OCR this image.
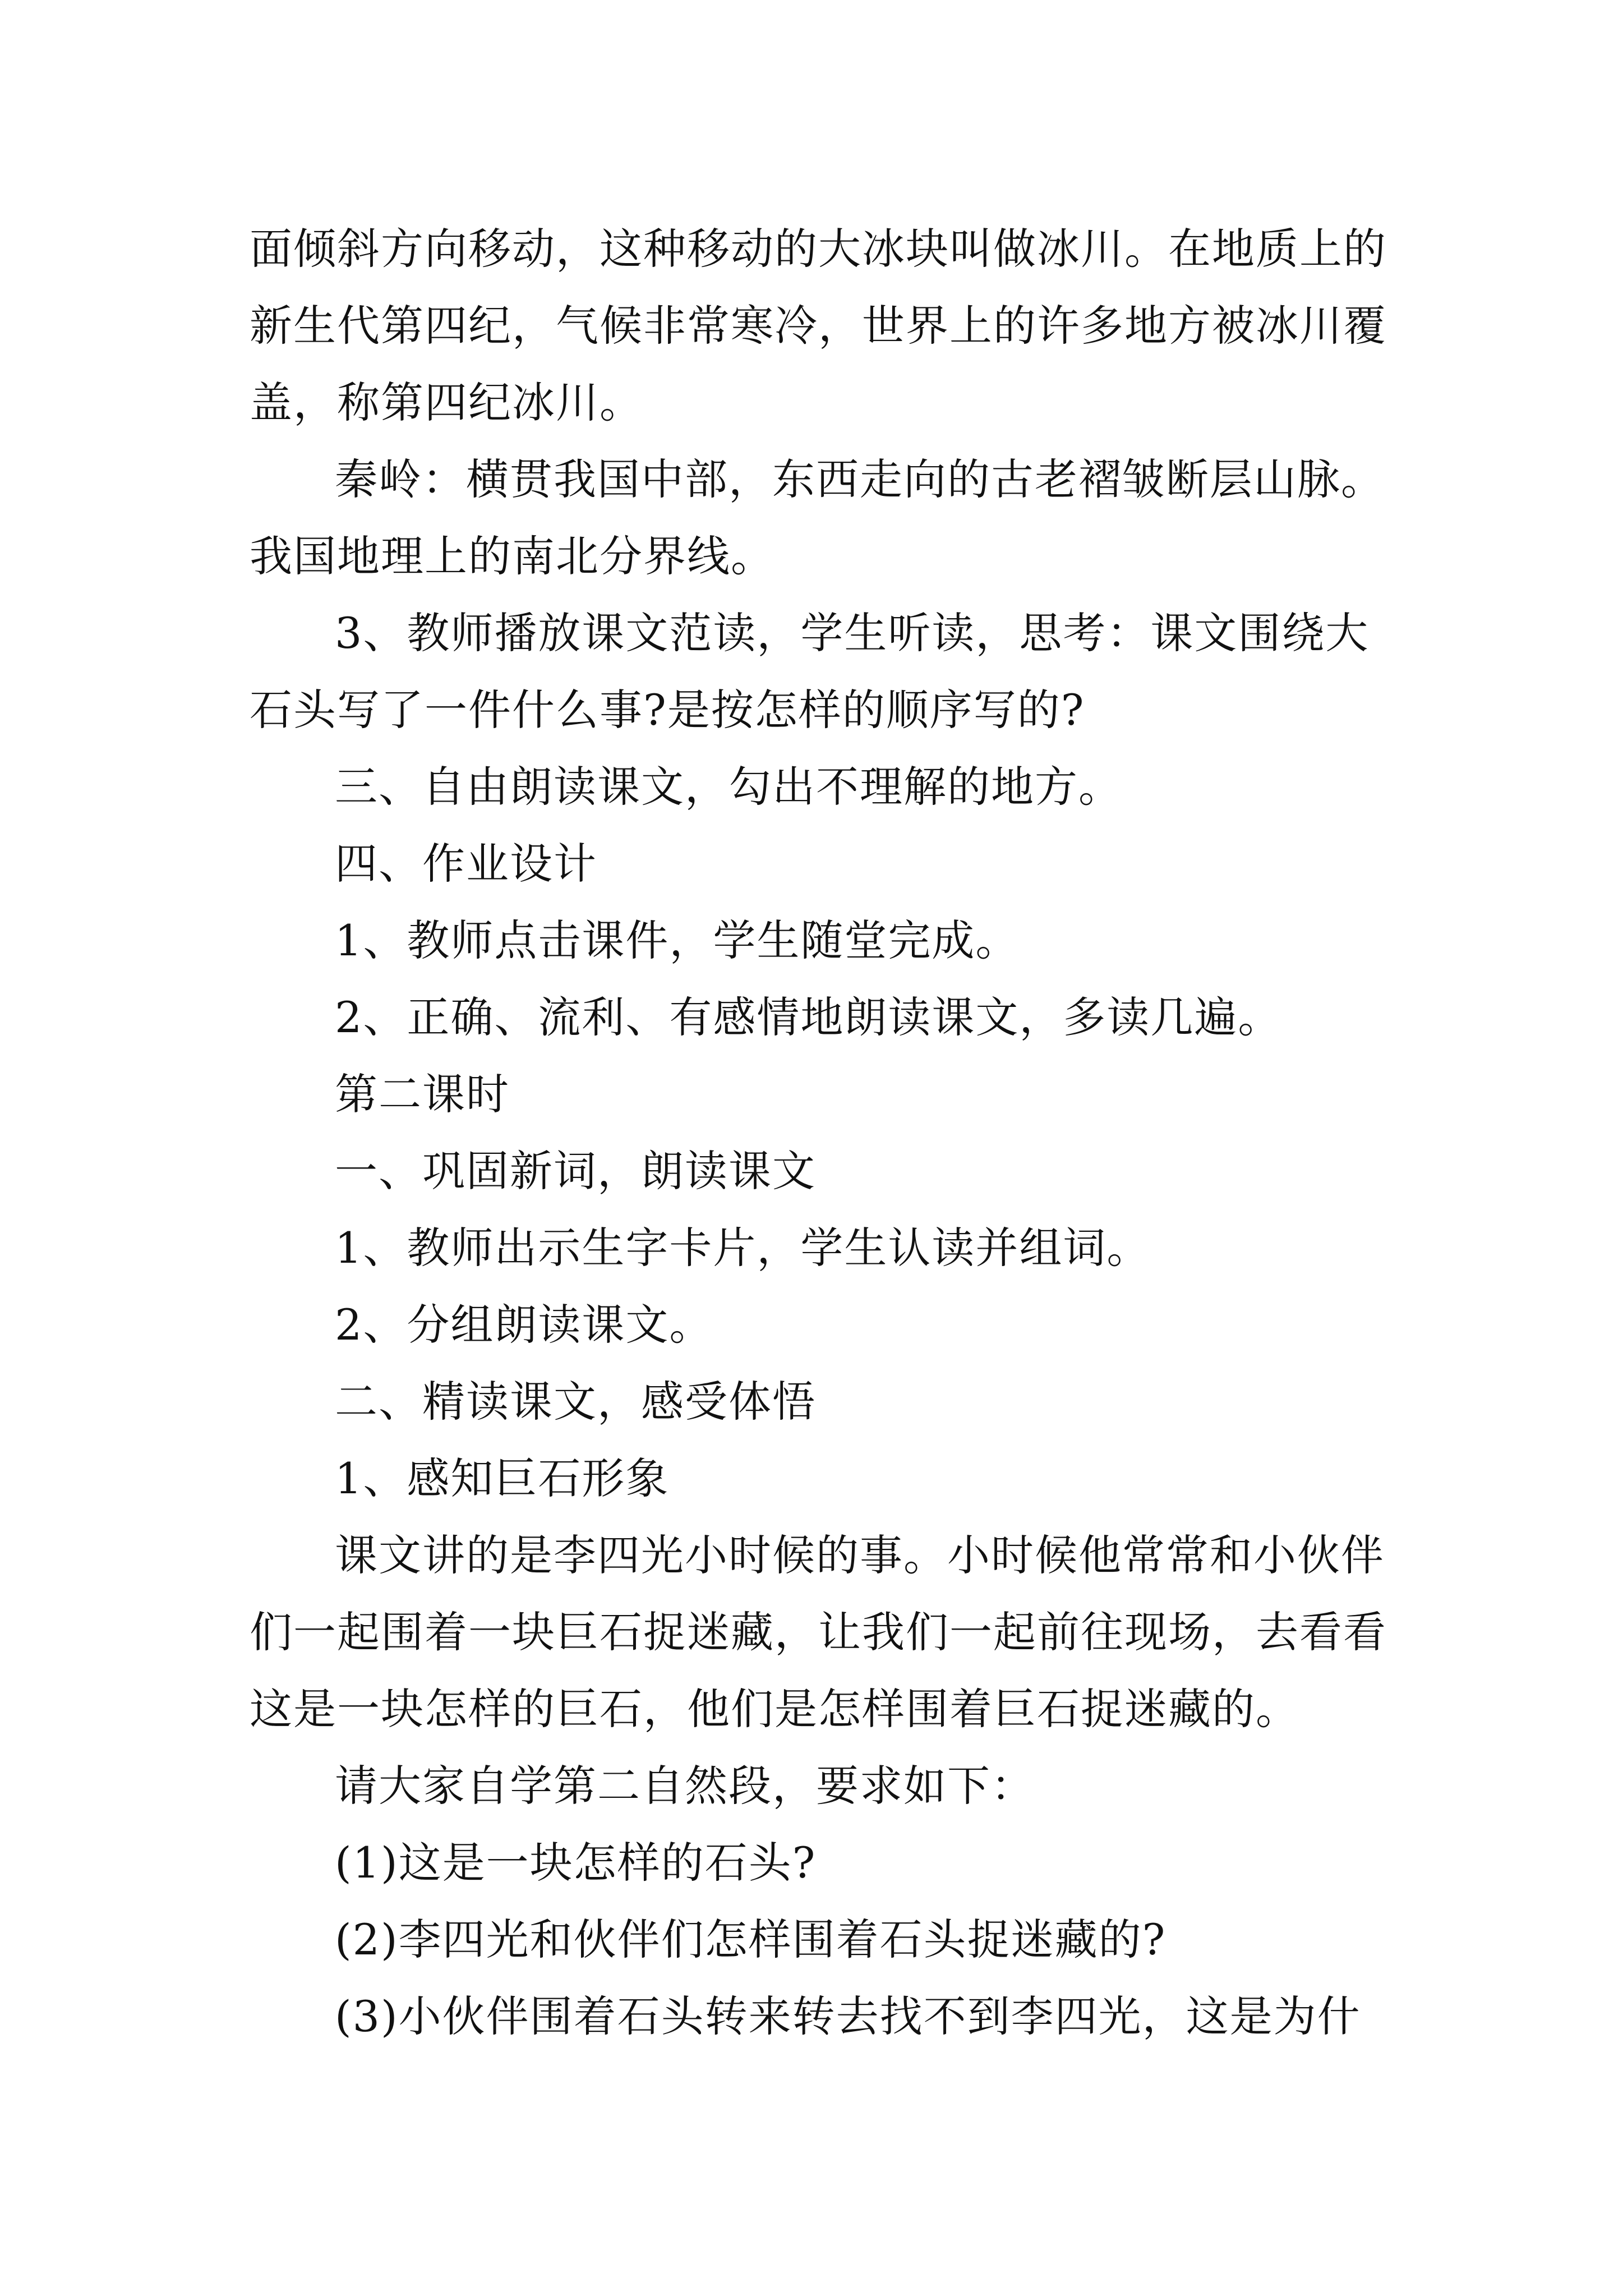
面倾斜方向移动，这种移动的大冰块叫做冰川。在地质上的
新生代第四纪，气候非常寒冷，世界上的许多地方被冰川覆
盖，称第四纪冰川。

秦岭：横贯我国中部，东西走向的古老褶皱断层山脉。
我国地理上的南北分界线。

3、教师播放课文范读，学生听读，思考：课文围绕大
石头写了一件什么事?是按怎样的顺序写的?

三、自由朗读课文，勾出不理解的地方。

四、作业设计

1、教师点击课件，学生随堂完成。

2、正确、流利、有感情地朗读课文，多读几遍。

第二课时

一、巩固新词，朗读课文

1、教师出示生字卡片，学生认读并组词。

2、分组朗读课文。

二、精读课文，感受体悟

1、感知巨石形象

课文讲的是李四光小时候的事。小时候他常常和小伙伴
们一起围着一块巨石捉迷藏，让我们一起前往现场，去看看
这是一块怎样的巨石，他们是怎样围着巨石捉迷藏的。

请大家自学第二自然段，要求如下：

(1)这是一块怎样的石头?

(2)李四光和伙伴们怎样围着石头捉迷藏的?

(3)小伙伴围着石头转来转去找不到李四光，这是为什
